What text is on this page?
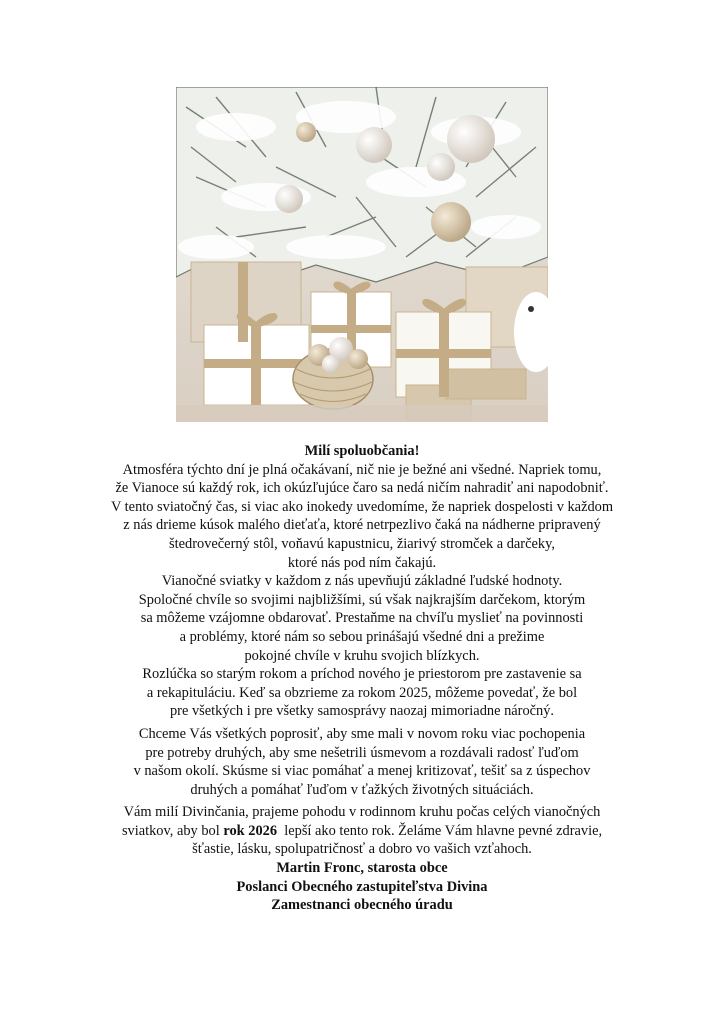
Milí spoluobčania!

Atmosféra týchto dní je plná očakávaní, nič nie je bežné ani všedné. Napriek tomu,
že Vianoce sú každý rok, ich okúzľujúce čaro sa nedá ničím nahradiť ani napodobniť.
V tento sviatočný čas, si viac ako inokedy uvedomíme, že napriek dospelosti v každom
z nás drieme kúsok malého dieťaťa, ktoré netrpezlivo čaká na nádherne pripravený
štedrovečerný stôl, voňavú kapustnicu, žiarivý stromček a darčeky,
ktoré nás pod ním čakajú.

Vianočné sviatky v každom z nás upevňujú základné ľudské hodnoty.
Spoločné chvíle so svojimi najbližšími, sú však najkrajším darčekom, ktorým
sa môžeme vzájomne obdarovať. Prestaňme na chvíľu myslieť na povinnosti
a problémy, ktoré nám so sebou prinášajú všedné dni a prežime
pokojné chvíle v kruhu svojich blízkych.

Rozlúčka so starým rokom a príchod nového je priestorom pre zastavenie sa
a rekapituláciu. Keď sa obzrieme za rokom 2025, môžeme povedať, že bol
pre všetkých i pre všetky samosprávy naozaj mimoriadne náročný.

Chceme Vás všetkých poprosiť, aby sme mali v novom roku viac pochopenia
pre potreby druhých, aby sme nešetrili úsmevom a rozdávali radosť ľuďom
v našom okolí. Skúsme si viac pomáhať a menej kritizovať, tešiť sa z úspechov
druhých a pomáhať ľuďom v ťažkých životných situáciách.

Vám milí Divinčania, prajeme pohodu v rodinnom kruhu počas celých vianočných
sviatkov, aby bol rok 2026  lepší ako tento rok. Želáme Vám hlavne pevné zdravie,
šťastie, lásku, spolupatričnosť a dobro vo vašich vzťahoch.

Martin Fronc, starosta obce
Poslanci Obecného zastupiteľstva Divina
Zamestnanci obecného úradu
